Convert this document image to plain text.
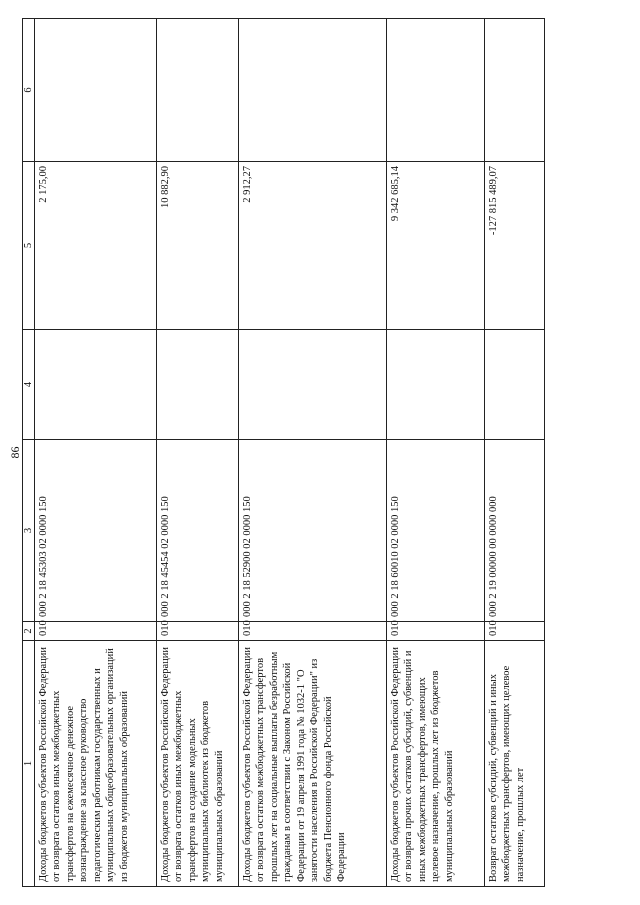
86
1	2	3	4	5	6
Доходы бюджетов субъектов Российской Федерации от возврата остатков иных межбюджетных трансфертов на ежемесячное денежное вознаграждение за классное руководство педагогическим работникам государственных и муниципальных общеобразовательных организаций из бюджетов муниципальных образований	010	000 2 18 45303 02 0000 150		2 175,00	
Доходы бюджетов субъектов Российской Федерации от возврата остатков иных межбюджетных трансфертов на создание модельных муниципальных библиотек из бюджетов муниципальных образований	010	000 2 18 45454 02 0000 150		10 882,90	
Доходы бюджетов субъектов Российской Федерации от возврата остатков межбюджетных трансфертов прошлых лет на социальные выплаты безработным гражданам в соответствии с Законом Российской Федерации от 19 апреля 1991 года № 1032-1 "О занятости населения в Российской Федерации" из бюджета Пенсионного фонда Российской Федерации	010	000 2 18 52900 02 0000 150		2 912,27	
Доходы бюджетов субъектов Российской Федерации от возврата прочих остатков субсидий, субвенций и иных межбюджетных трансфертов, имеющих целевое назначение, прошлых лет из бюджетов муниципальных образований	010	000 2 18 60010 02 0000 150		9 342 685,14	
Возврат остатков субсидий, субвенций и иных межбюджетных трансфертов, имеющих целевое назначение, прошлых лет	010	000 2 19 00000 00 0000 000		-127 815 489,07	
